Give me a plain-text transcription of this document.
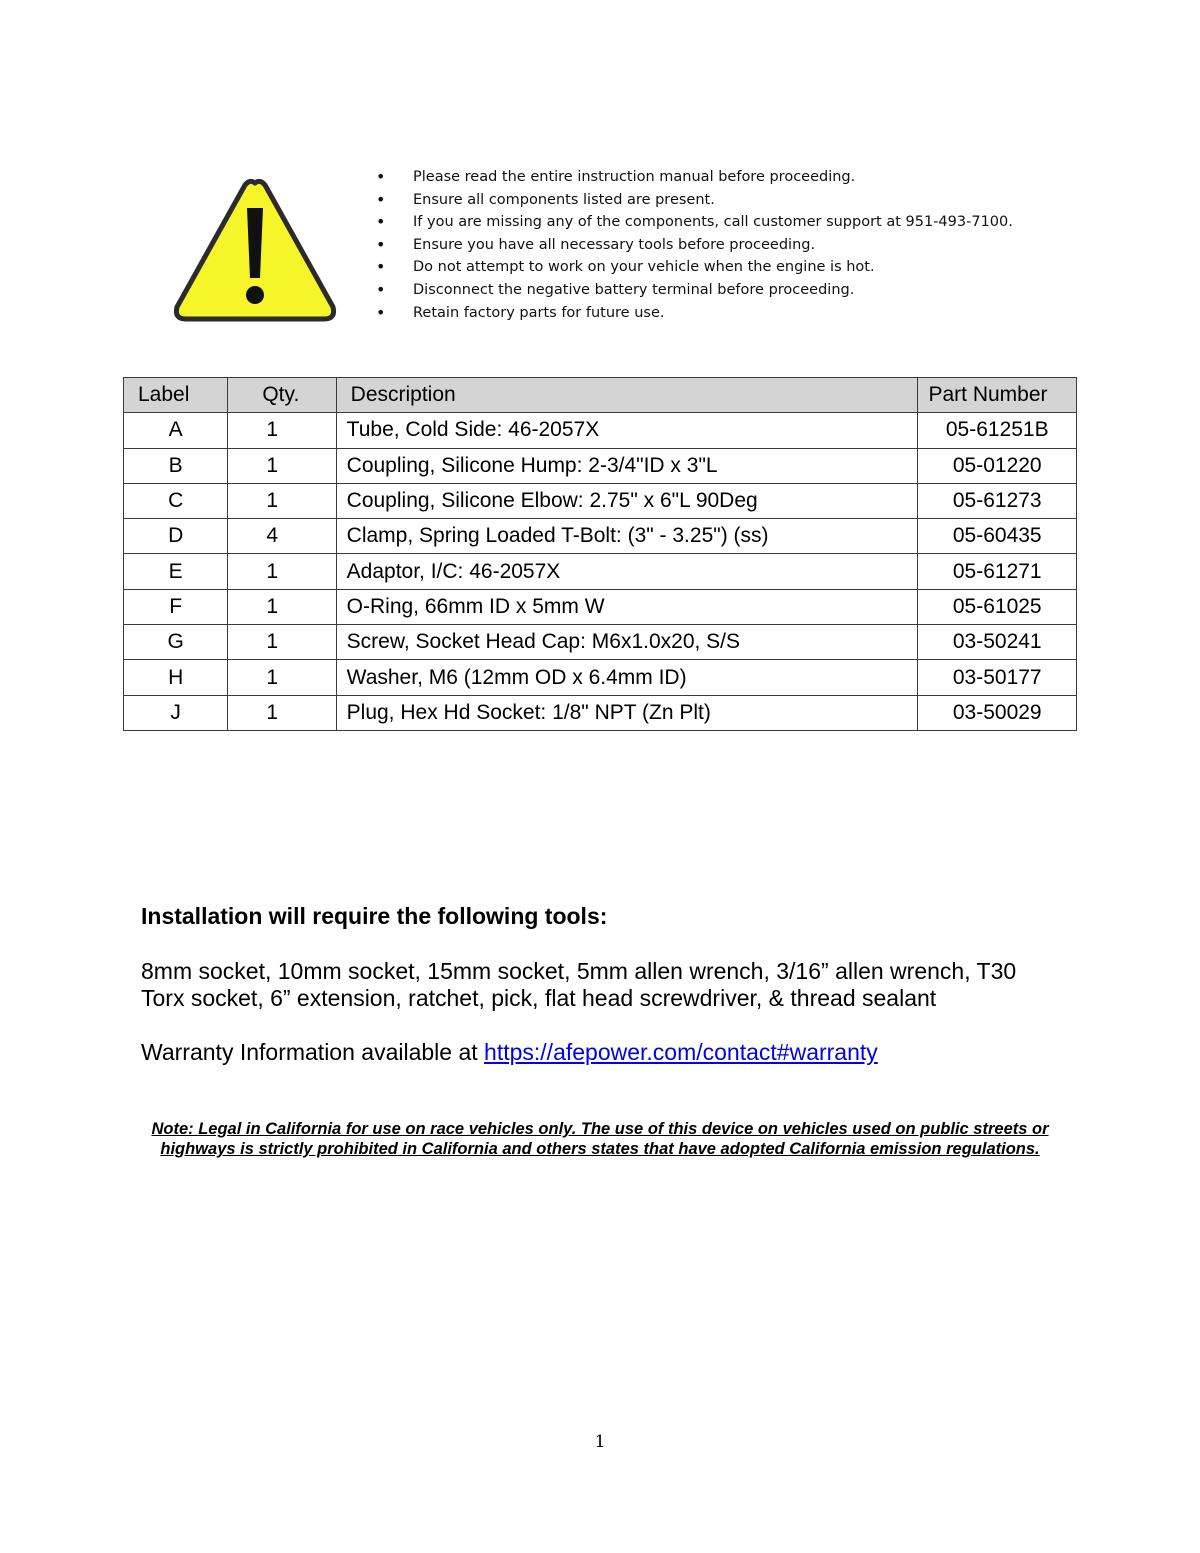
• Please read the entire instruction manual before proceeding.
• Ensure all components listed are present.
• If you are missing any of the components, call customer support at 951-493-7100.
• Ensure you have all necessary tools before proceeding.
• Do not attempt to work on your vehicle when the engine is hot.
• Disconnect the negative battery terminal before proceeding.
• Retain factory parts for future use.
Label	Qty.	Description	Part Number
A	1	Tube, Cold Side: 46-2057X	05-61251B
B	1	Coupling, Silicone Hump: 2-3/4"ID x 3"L	05-01220
C	1	Coupling, Silicone Elbow: 2.75" x 6"L 90Deg	05-61273
D	4	Clamp, Spring Loaded T-Bolt: (3" - 3.25") (ss)	05-60435
E	1	Adaptor, I/C: 46-2057X	05-61271
F	1	O-Ring, 66mm ID x 5mm W	05-61025
G	1	Screw, Socket Head Cap: M6x1.0x20, S/S	03-50241
H	1	Washer, M6 (12mm OD x 6.4mm ID)	03-50177
J	1	Plug, Hex Hd Socket: 1/8" NPT (Zn Plt)	03-50029

Installation will require the following tools:

8mm socket, 10mm socket, 15mm socket, 5mm allen wrench, 3/16” allen wrench, T30 Torx socket, 6” extension, ratchet, pick, flat head screwdriver, & thread sealant

Warranty Information available at https://afepower.com/contact#warranty

Note: Legal in California for use on race vehicles only. The use of this device on vehicles used on public streets or highways is strictly prohibited in California and others states that have adopted California emission regulations.

1
